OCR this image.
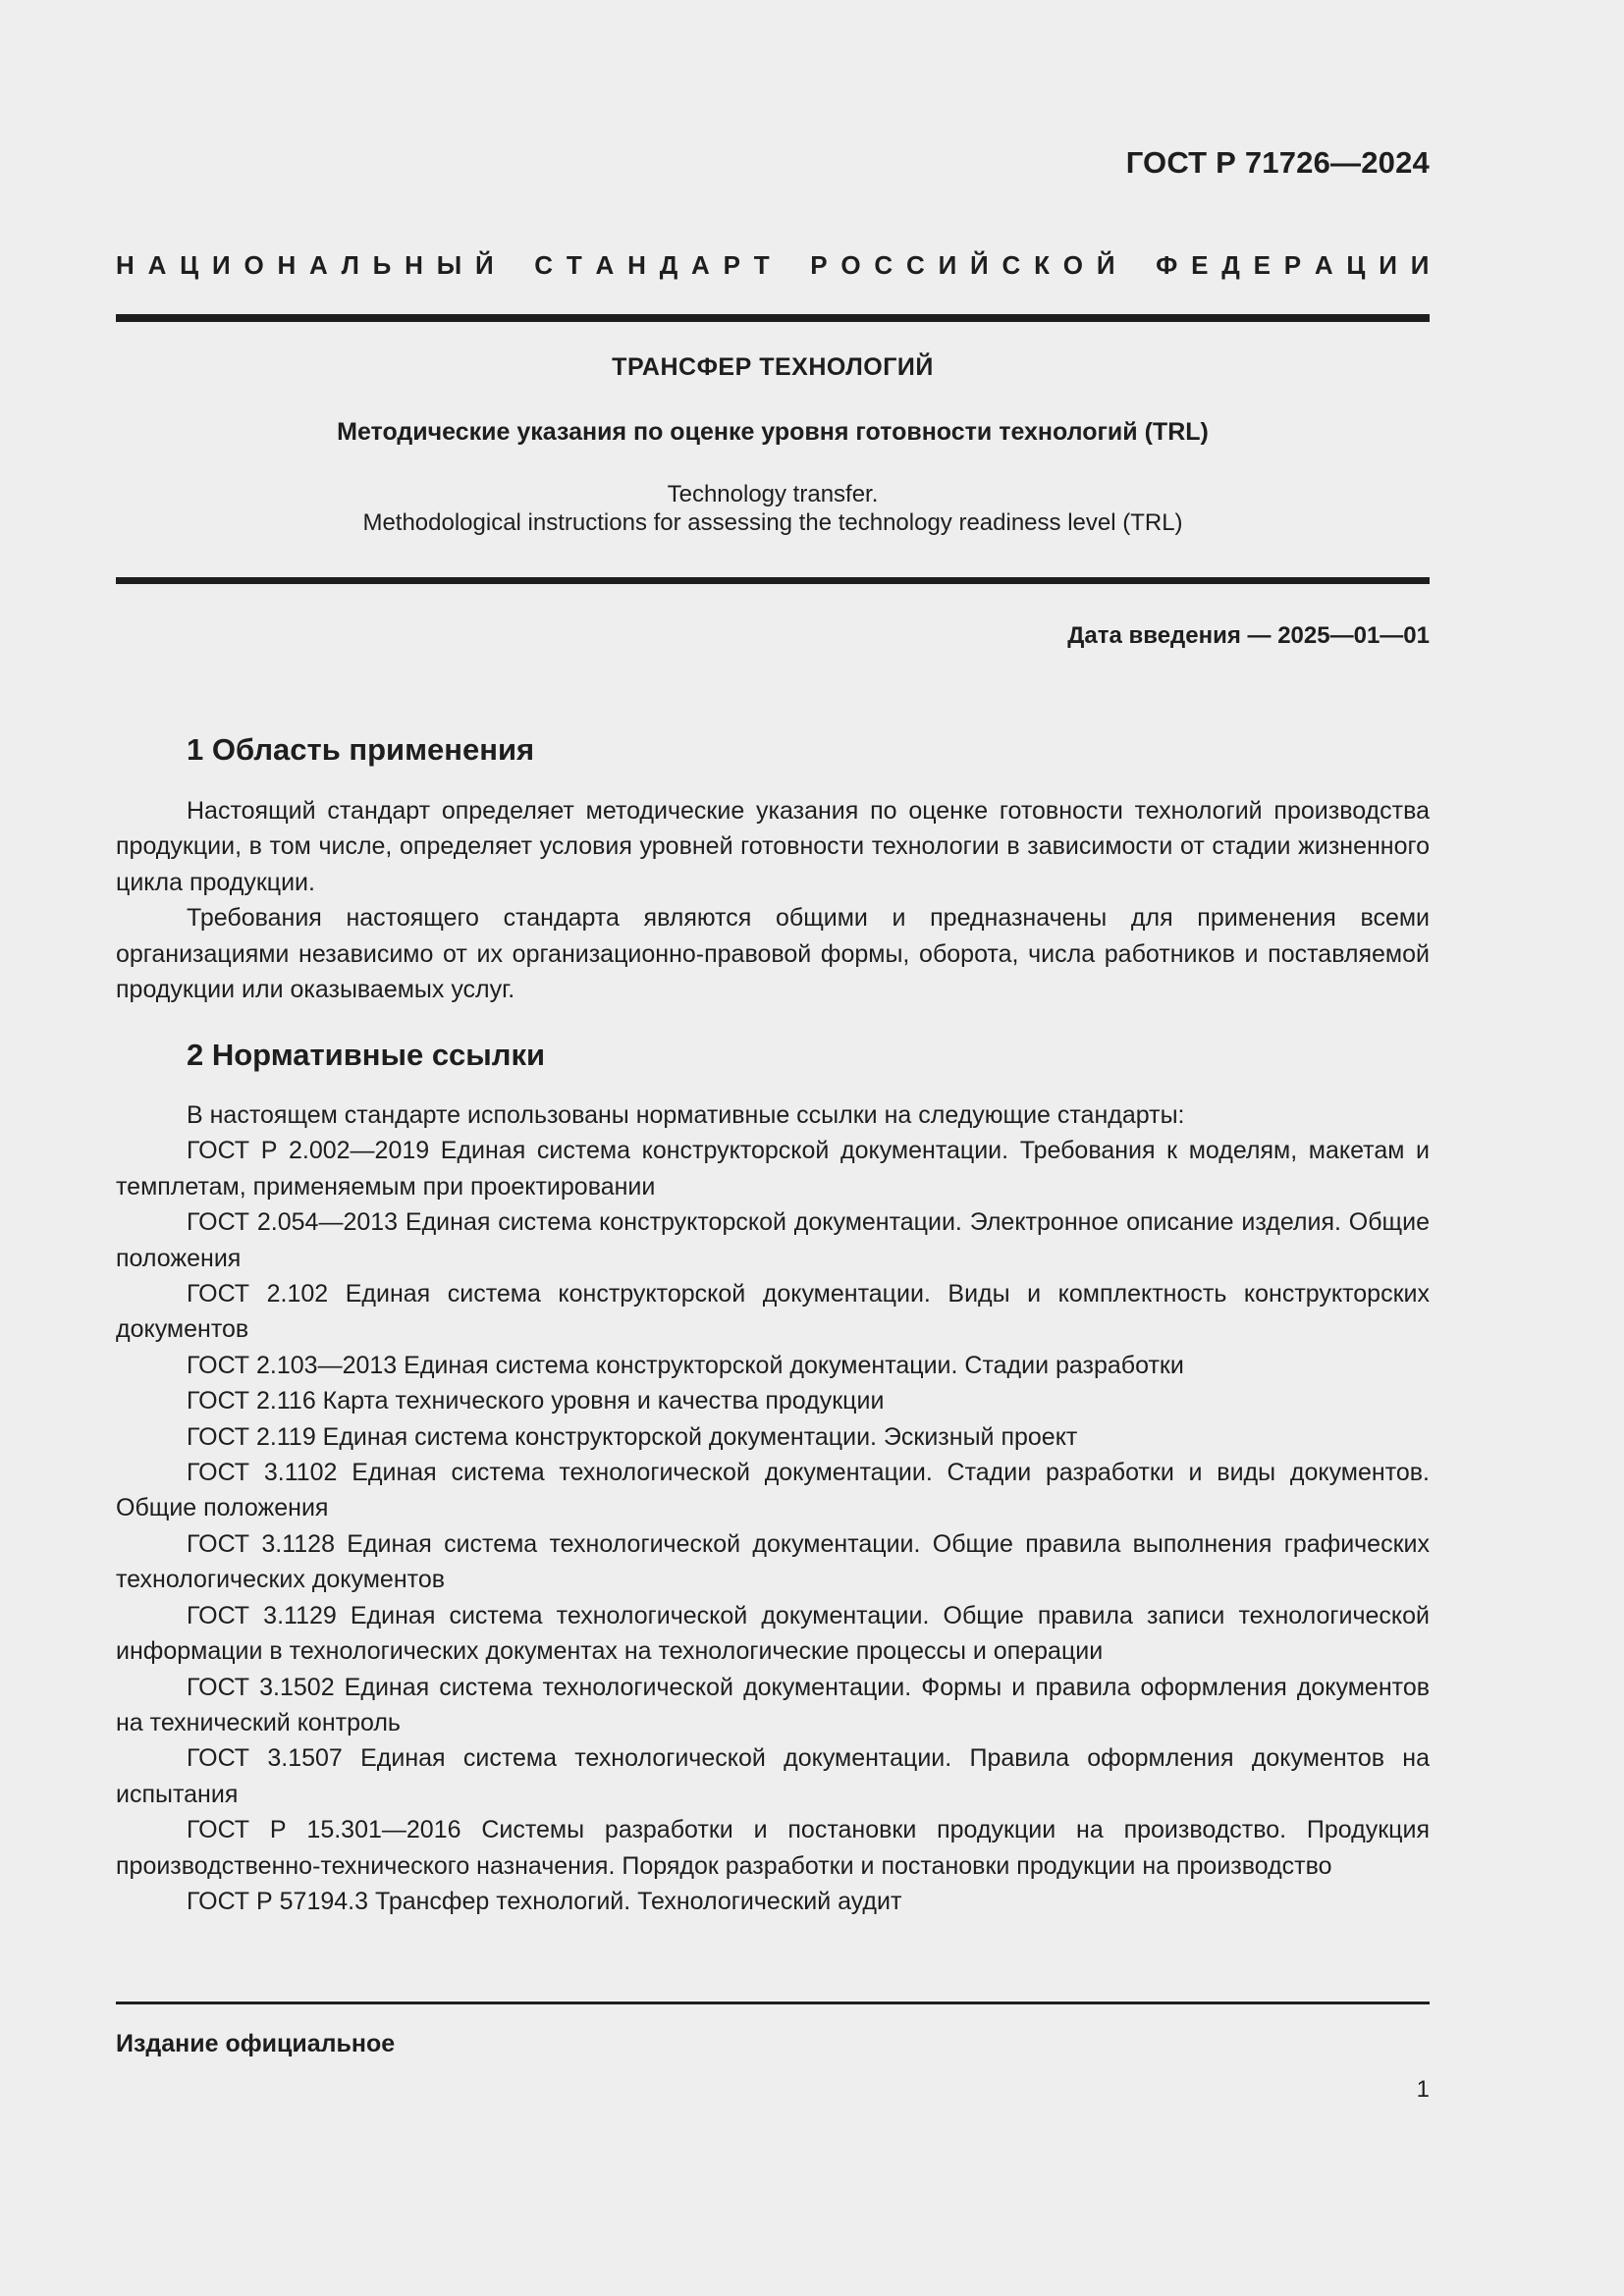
ГОСТ Р 71726—2024
Н А Ц И О Н А Л Ь Н Ы Й
С Т А Н Д А Р Т
Р О С С И Й С К О Й
Ф Е Д Е Р А Ц И И
ТРАНСФЕР ТЕХНОЛОГИЙ
Методические указания по оценке уровня готовности технологий (TRL)
Technology transfer.
Methodological instructions for assessing the technology readiness level (TRL)
Дата введения — 2025—01—01
1 Область применения

Настоящий стандарт определяет методические указания по оценке готовности технологий производства продукции, в том числе, определяет условия уровней готовности технологии в зависимости от стадии жизненного цикла продукции.

Требования настоящего стандарта являются общими и предназначены для применения всеми организациями независимо от их организационно-правовой формы, оборота, числа работников и поставляемой продукции или оказываемых услуг.

2 Нормативные ссылки

В настоящем стандарте использованы нормативные ссылки на следующие стандарты:

ГОСТ Р 2.002—2019 Единая система конструкторской документации. Требования к моделям, макетам и темплетам, применяемым при проектировании

ГОСТ 2.054—2013 Единая система конструкторской документации. Электронное описание изделия. Общие положения

ГОСТ 2.102 Единая система конструкторской документации. Виды и комплектность конструкторских документов

ГОСТ 2.103—2013 Единая система конструкторской документации. Стадии разработки

ГОСТ 2.116 Карта технического уровня и качества продукции

ГОСТ 2.119 Единая система конструкторской документации. Эскизный проект

ГОСТ 3.1102 Единая система технологической документации. Стадии разработки и виды документов. Общие положения

ГОСТ 3.1128 Единая система технологической документации. Общие правила выполнения графических технологических документов

ГОСТ 3.1129 Единая система технологической документации. Общие правила записи технологической информации в технологических документах на технологические процессы и операции

ГОСТ 3.1502 Единая система технологической документации. Формы и правила оформления документов на технический контроль

ГОСТ 3.1507 Единая система технологической документации. Правила оформления документов на испытания

ГОСТ Р 15.301—2016 Системы разработки и постановки продукции на производство. Продукция производственно-технического назначения. Порядок разработки и постановки продукции на производство

ГОСТ Р 57194.3 Трансфер технологий. Технологический аудит

Издание официальное
1
